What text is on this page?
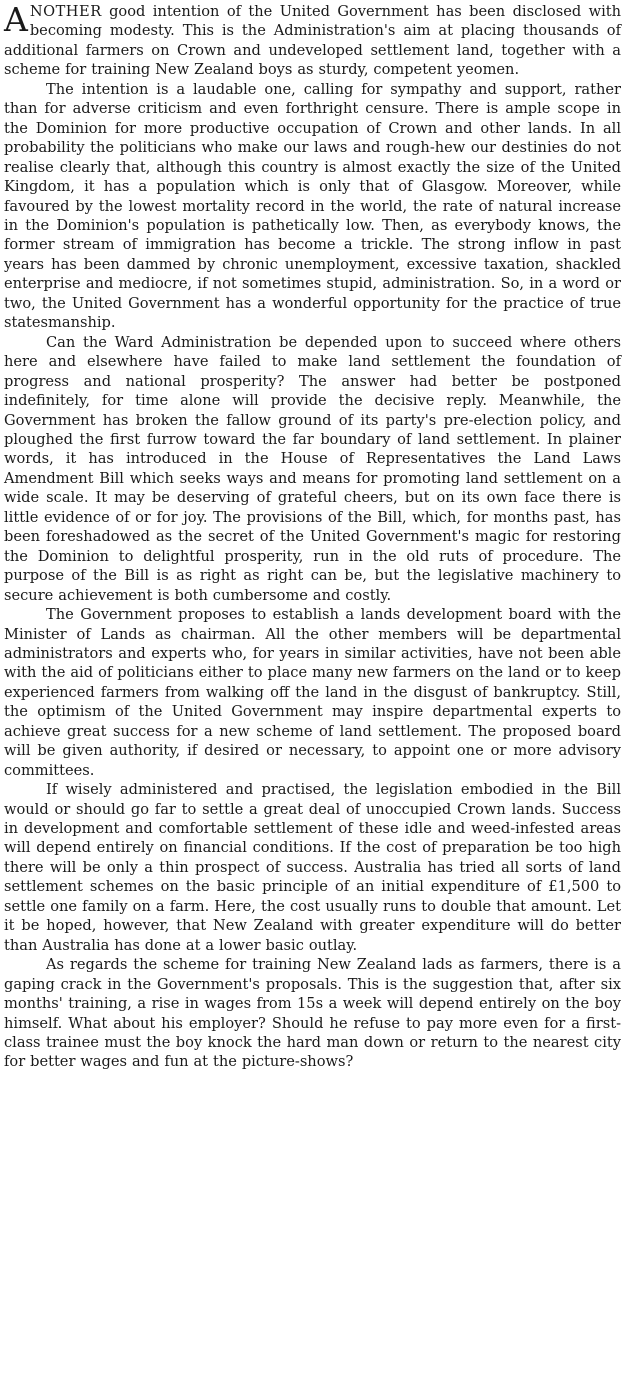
ANOTHER good intention of the United Government has been disclosed with becoming modesty. This is the Administration's aim at placing thousands of additional farmers on Crown and undeveloped settlement land, together with a scheme for training New Zealand boys as sturdy, competent yeomen.

The intention is a laudable one, calling for sympathy and support, rather than for adverse criticism and even forthright censure. There is ample scope in the Dominion for more productive occupation of Crown and other lands. In all probability the politicians who make our laws and rough-hew our destinies do not realise clearly that, although this country is almost exactly the size of the United Kingdom, it has a population which is only that of Glasgow. Moreover, while favoured by the lowest mortality record in the world, the rate of natural increase in the Dominion's population is pathetically low. Then, as everybody knows, the former stream of immigration has become a trickle. The strong inflow in past years has been dammed by chronic unemployment, excessive taxation, shackled enterprise and mediocre, if not sometimes stupid, administration. So, in a word or two, the United Government has a wonderful opportunity for the practice of true statesmanship.

Can the Ward Administration be depended upon to succeed where others here and elsewhere have failed to make land settlement the foundation of progress and national prosperity? The answer had better be postponed indefinitely, for time alone will provide the decisive reply. Meanwhile, the Government has broken the fallow ground of its party's pre-election policy, and ploughed the first furrow toward the far boundary of land settlement. In plainer words, it has introduced in the House of Representatives the Land Laws Amendment Bill which seeks ways and means for promoting land settlement on a wide scale. It may be deserving of grateful cheers, but on its own face there is little evidence of or for joy. The provisions of the Bill, which, for months past, has been foreshadowed as the secret of the United Government's magic for restoring the Dominion to delightful prosperity, run in the old ruts of procedure. The purpose of the Bill is as right as right can be, but the legislative machinery to secure achievement is both cumbersome and costly.

The Government proposes to establish a lands development board with the Minister of Lands as chairman. All the other members will be departmental administrators and experts who, for years in similar activities, have not been able with the aid of politicians either to place many new farmers on the land or to keep experienced farmers from walking off the land in the disgust of bankruptcy. Still, the optimism of the United Government may inspire departmental experts to achieve great success for a new scheme of land settlement. The proposed board will be given authority, if desired or necessary, to appoint one or more advisory committees.

If wisely administered and practised, the legislation embodied in the Bill would or should go far to settle a great deal of unoccupied Crown lands. Success in development and comfortable settlement of these idle and weed-infested areas will depend entirely on financial conditions. If the cost of preparation be too high there will be only a thin prospect of success. Australia has tried all sorts of land settlement schemes on the basic principle of an initial expenditure of £1,500 to settle one family on a farm. Here, the cost usually runs to double that amount. Let it be hoped, however, that New Zealand with greater expenditure will do better than Australia has done at a lower basic outlay.

As regards the scheme for training New Zealand lads as farmers, there is a gaping crack in the Government's proposals. This is the suggestion that, after six months' training, a rise in wages from 15s a week will depend entirely on the boy himself. What about his employer? Should he refuse to pay more even for a first-class trainee must the boy knock the hard man down or return to the nearest city for better wages and fun at the picture-shows?
